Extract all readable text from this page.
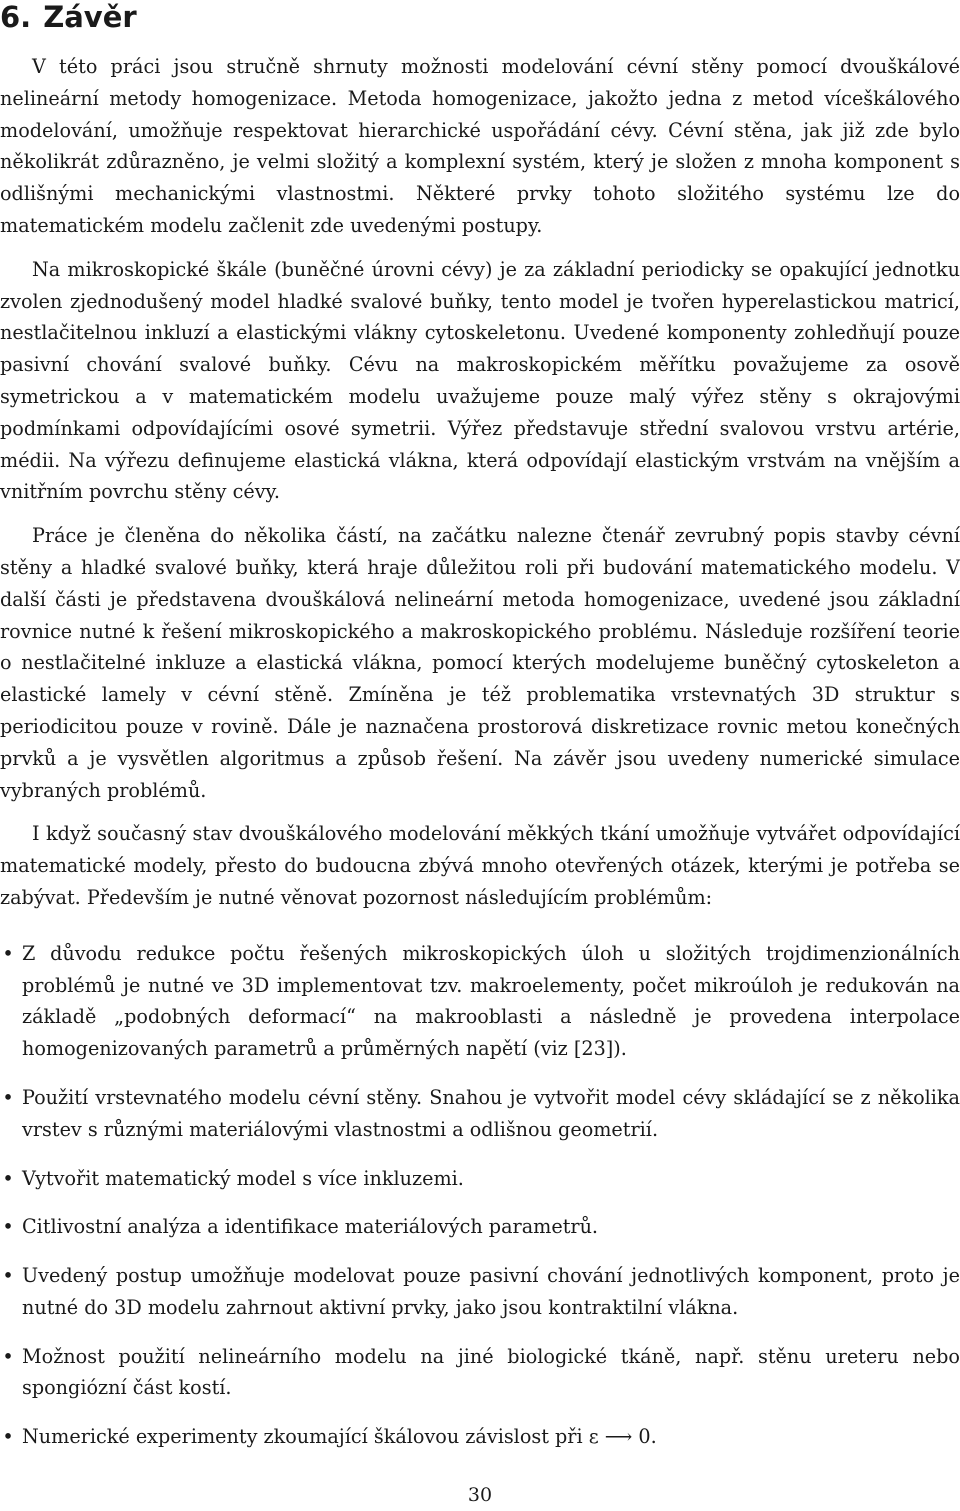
6. Závěr

V této práci jsou stručně shrnuty možnosti modelování cévní stěny pomocí dvouškálové nelineární metody homogenizace. Metoda homogenizace, jakožto jedna z metod víceškálového modelování, umožňuje respektovat hierarchické uspořádání cévy. Cévní stěna, jak již zde bylo několikrát zdůrazněno, je velmi složitý a komplexní systém, který je složen z mnoha komponent s odlišnými mechanickými vlastnostmi. Některé prvky tohoto složitého systému lze do matematickém modelu začlenit zde uvedenými postupy.

Na mikroskopické škále (buněčné úrovni cévy) je za základní periodicky se opakující jednotku zvolen zjednodušený model hladké svalové buňky, tento model je tvořen hyperelastickou matricí, nestlačitelnou inkluzí a elastickými vlákny cytoskeletonu. Uvedené komponenty zohledňují pouze pasivní chování svalové buňky. Cévu na makroskopickém měřítku považujeme za osově symetrickou a v matematickém modelu uvažujeme pouze malý výřez stěny s okrajovými podmínkami odpovídajícími osové symetrii. Výřez představuje střední svalovou vrstvu artérie, médii. Na výřezu definujeme elastická vlákna, která odpovídají elastickým vrstvám na vnějším a vnitřním povrchu stěny cévy.

Práce je členěna do několika částí, na začátku nalezne čtenář zevrubný popis stavby cévní stěny a hladké svalové buňky, která hraje důležitou roli při budování matematického modelu. V další části je představena dvouškálová nelineární metoda homogenizace, uvedené jsou základní rovnice nutné k řešení mikroskopického a makroskopického problému. Následuje rozšíření teorie o nestlačitelné inkluze a elastická vlákna, pomocí kterých modelujeme buněčný cytoskeleton a elastické lamely v cévní stěně. Zmíněna je též problematika vrstevnatých 3D struktur s periodicitou pouze v rovině. Dále je naznačena prostorová diskretizace rovnic metou konečných prvků a je vysvětlen algoritmus a způsob řešení. Na závěr jsou uvedeny numerické simulace vybraných problémů.

I když současný stav dvouškálového modelování měkkých tkání umožňuje vytvářet odpovídající matematické modely, přesto do budoucna zbývá mnoho otevřených otázek, kterými je potřeba se zabývat. Především je nutné věnovat pozornost následujícím problémům:

• Z důvodu redukce počtu řešených mikroskopických úloh u složitých trojdimenzionálních problémů je nutné ve 3D implementovat tzv. makroelementy, počet mikroúloh je redukován na základě „podobných deformací“ na makrooblasti a následně je provedena interpolace homogenizovaných parametrů a průměrných napětí (viz [23]).
• Použití vrstevnatého modelu cévní stěny. Snahou je vytvořit model cévy skládající se z několika vrstev s různými materiálovými vlastnostmi a odlišnou geometrií.
• Vytvořit matematický model s více inkluzemi.
• Citlivostní analýza a identifikace materiálových parametrů.
• Uvedený postup umožňuje modelovat pouze pasivní chování jednotlivých komponent, proto je nutné do 3D modelu zahrnout aktivní prvky, jako jsou kontraktilní vlákna.
• Možnost použití nelineárního modelu na jiné biologické tkáně, např. stěnu ureteru nebo spongiózní část kostí.
• Numerické experimenty zkoumající škálovou závislost při ε ⟶ 0.
30
